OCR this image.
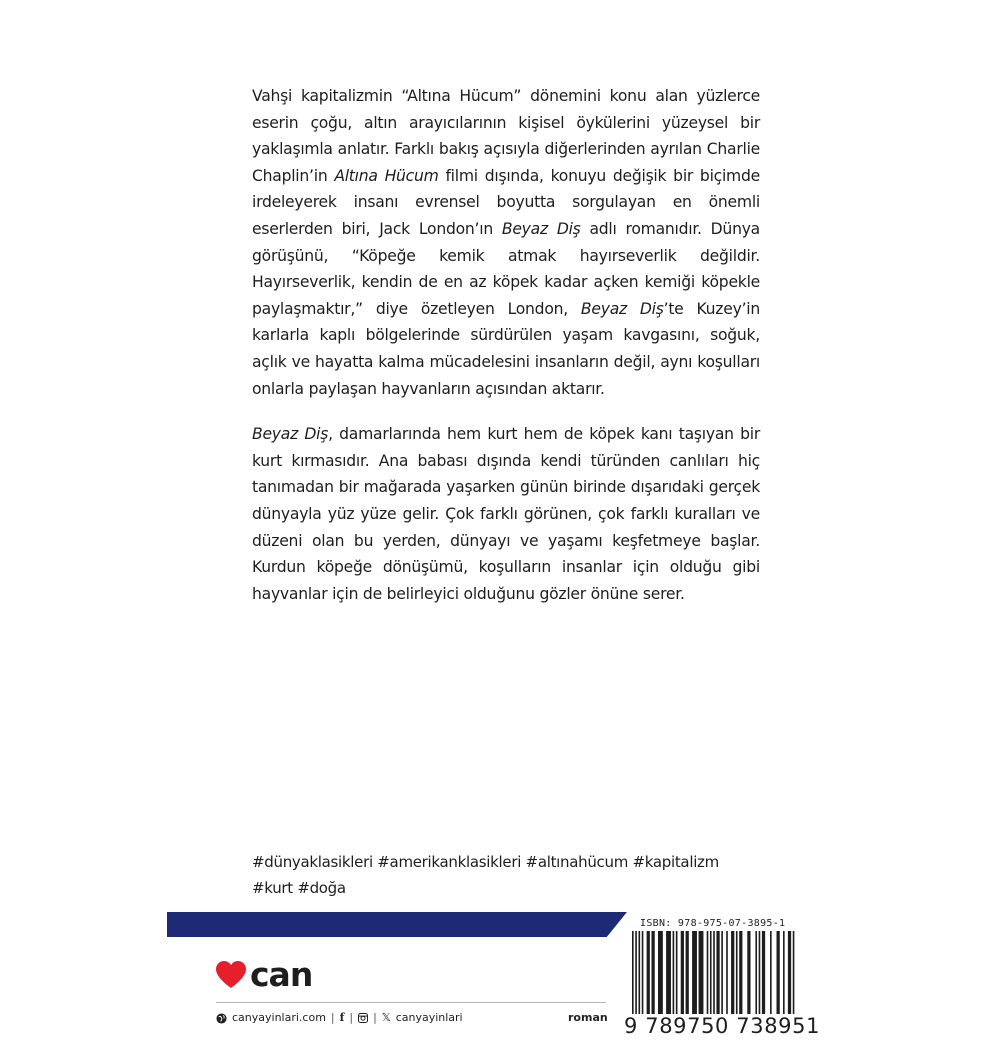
Vahşi kapitalizmin “Altına Hücum” dönemini konu alan yüzlerce eserin çoğu, altın arayıcılarının kişisel öykülerini yüzeysel bir yaklaşımla anlatır. Farklı bakış açısıyla diğerlerinden ayrılan Charlie Chaplin’in Altına Hücum filmi dışında, konuyu değişik bir biçimde irdeleyerek insanı evrensel boyutta sorgulayan en önemli eserlerden biri, Jack London’ın Beyaz Diş adlı romanıdır. Dünya görüşünü, “Köpeğe kemik atmak hayırseverlik değildir. Hayırseverlik, kendin de en az köpek kadar açken kemiği köpekle paylaşmaktır,” diye özetleyen London, Beyaz Diş’te Kuzey’in karlarla kaplı bölgelerinde sürdürülen yaşam kavgasını, soğuk, açlık ve hayatta kalma mücadelesini insanların değil, aynı koşulları onlarla paylaşan hayvanların açısından aktarır.

Beyaz Diş, damarlarında hem kurt hem de köpek kanı taşıyan bir kurt kırmasıdır. Ana babası dışında kendi türünden canlıları hiç tanımadan bir mağarada yaşarken günün birinde dışarıdaki gerçek dünyayla yüz yüze gelir. Çok farklı görünen, çok farklı kuralları ve düzeni olan bu yerden, dünyayı ve yaşamı keşfetmeye başlar. Kurdun köpeğe dönüşümü, koşulların insanlar için olduğu gibi hayvanlar için de belirleyici olduğunu gözler önüne serer.

#dünyaklasikleri #amerikanklasikleri #altınahücum #kapitalizm

#kurt #doğa

can
canyayinlari.com | f | | 𝕏 canyayinlari	roman
ISBN: 978-975-07-3895-1
9 789750 738951
